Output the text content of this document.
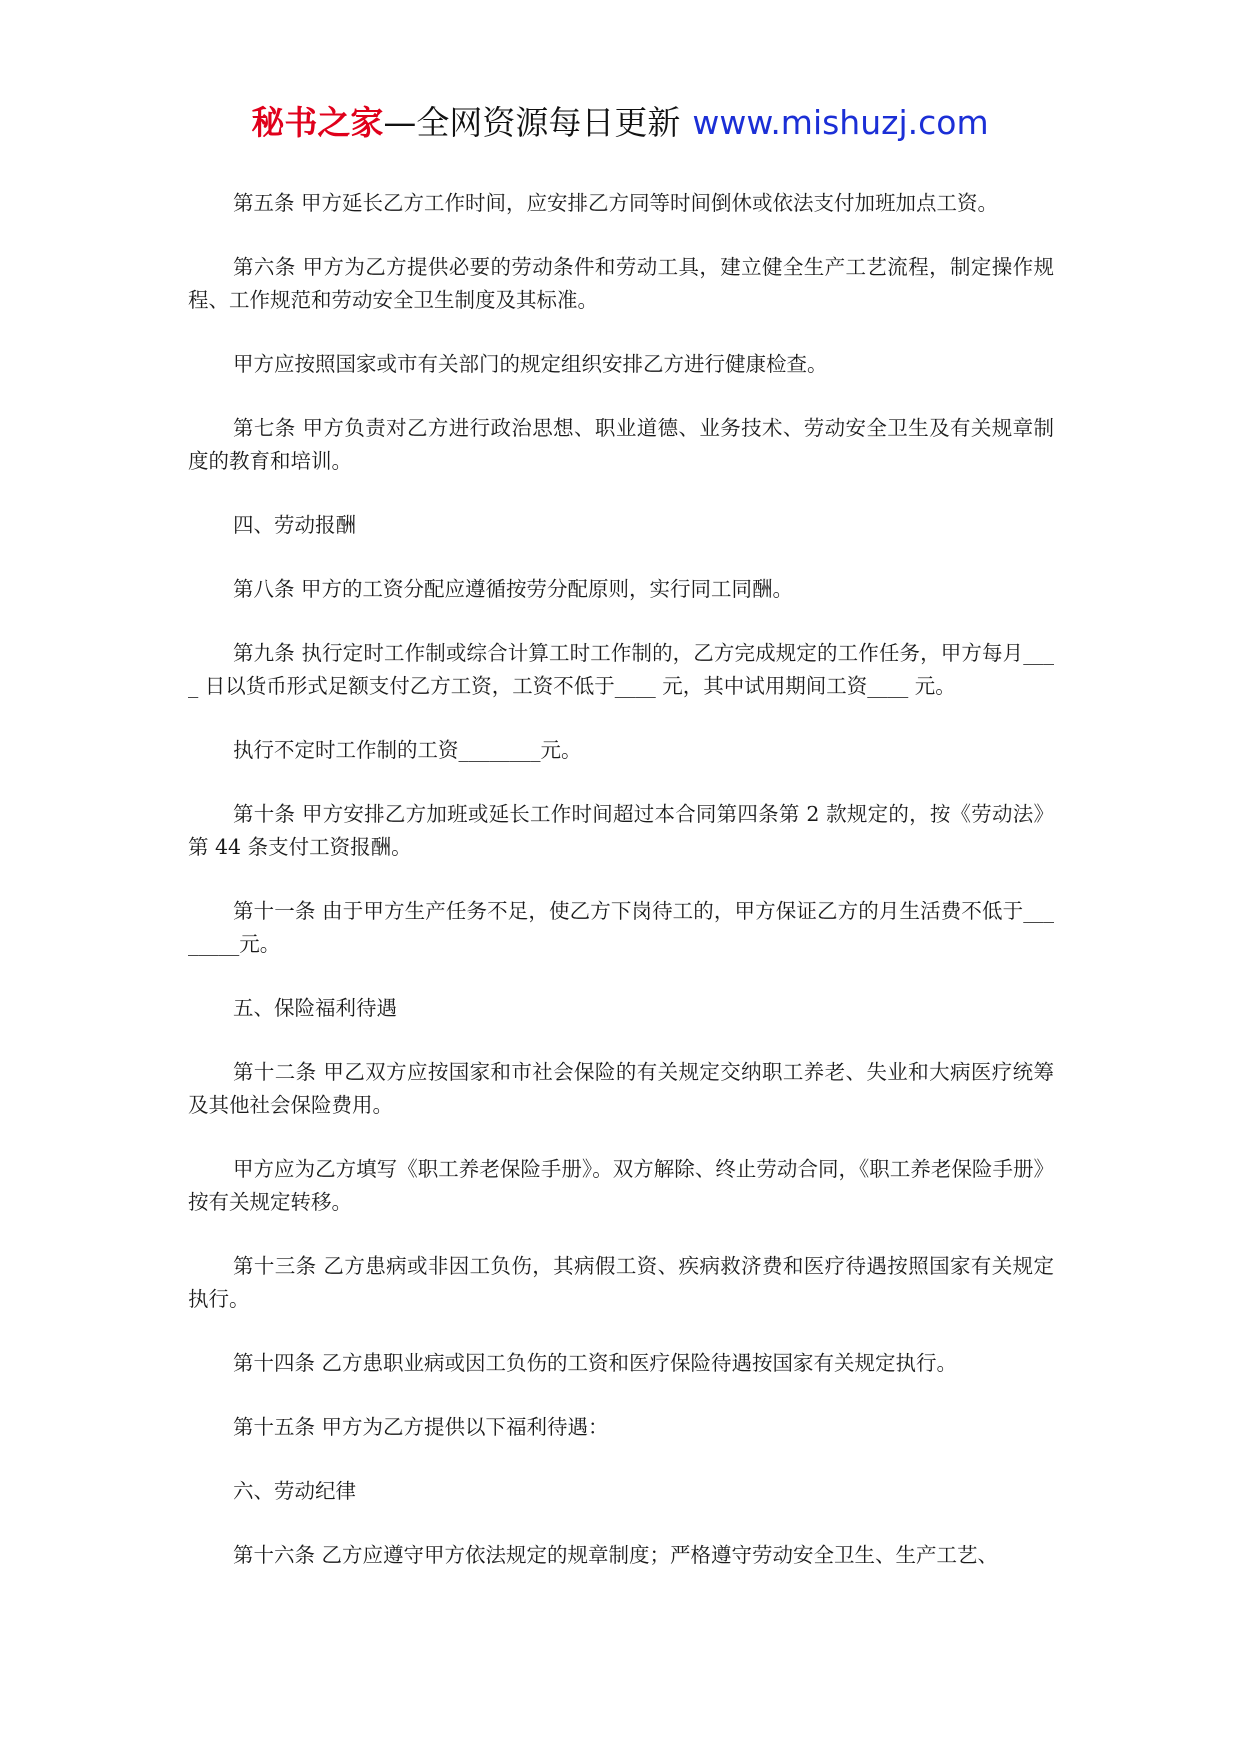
秘书之家—全网资源每日更新 www.mishuzj.com

第五条 甲方延长乙方工作时间，应安排乙方同等时间倒休或依法支付加班加点工资。

第六条 甲方为乙方提供必要的劳动条件和劳动工具，建立健全生产工艺流程，制定操作规程、工作规范和劳动安全卫生制度及其标准。

甲方应按照国家或市有关部门的规定组织安排乙方进行健康检查。

第七条 甲方负责对乙方进行政治思想、职业道德、业务技术、劳动安全卫生及有关规章制度的教育和培训。

四、劳动报酬

第八条 甲方的工资分配应遵循按劳分配原则，实行同工同酬。

第九条 执行定时工作制或综合计算工时工作制的，乙方完成规定的工作任务，甲方每月____ 日以货币形式足额支付乙方工资，工资不低于____ 元，其中试用期间工资____ 元。

执行不定时工作制的工资________元。

第十条 甲方安排乙方加班或延长工作时间超过本合同第四条第 2 款规定的，按《劳动法》第 44 条支付工资报酬。

第十一条 由于甲方生产任务不足，使乙方下岗待工的，甲方保证乙方的月生活费不低于________元。

五、保险福利待遇

第十二条 甲乙双方应按国家和市社会保险的有关规定交纳职工养老、失业和大病医疗统筹及其他社会保险费用。

甲方应为乙方填写《职工养老保险手册》。双方解除、终止劳动合同，《职工养老保险手册》按有关规定转移。

第十三条 乙方患病或非因工负伤，其病假工资、疾病救济费和医疗待遇按照国家有关规定执行。

第十四条 乙方患职业病或因工负伤的工资和医疗保险待遇按国家有关规定执行。

第十五条 甲方为乙方提供以下福利待遇：

六、劳动纪律

第十六条 乙方应遵守甲方依法规定的规章制度；严格遵守劳动安全卫生、生产工艺、
